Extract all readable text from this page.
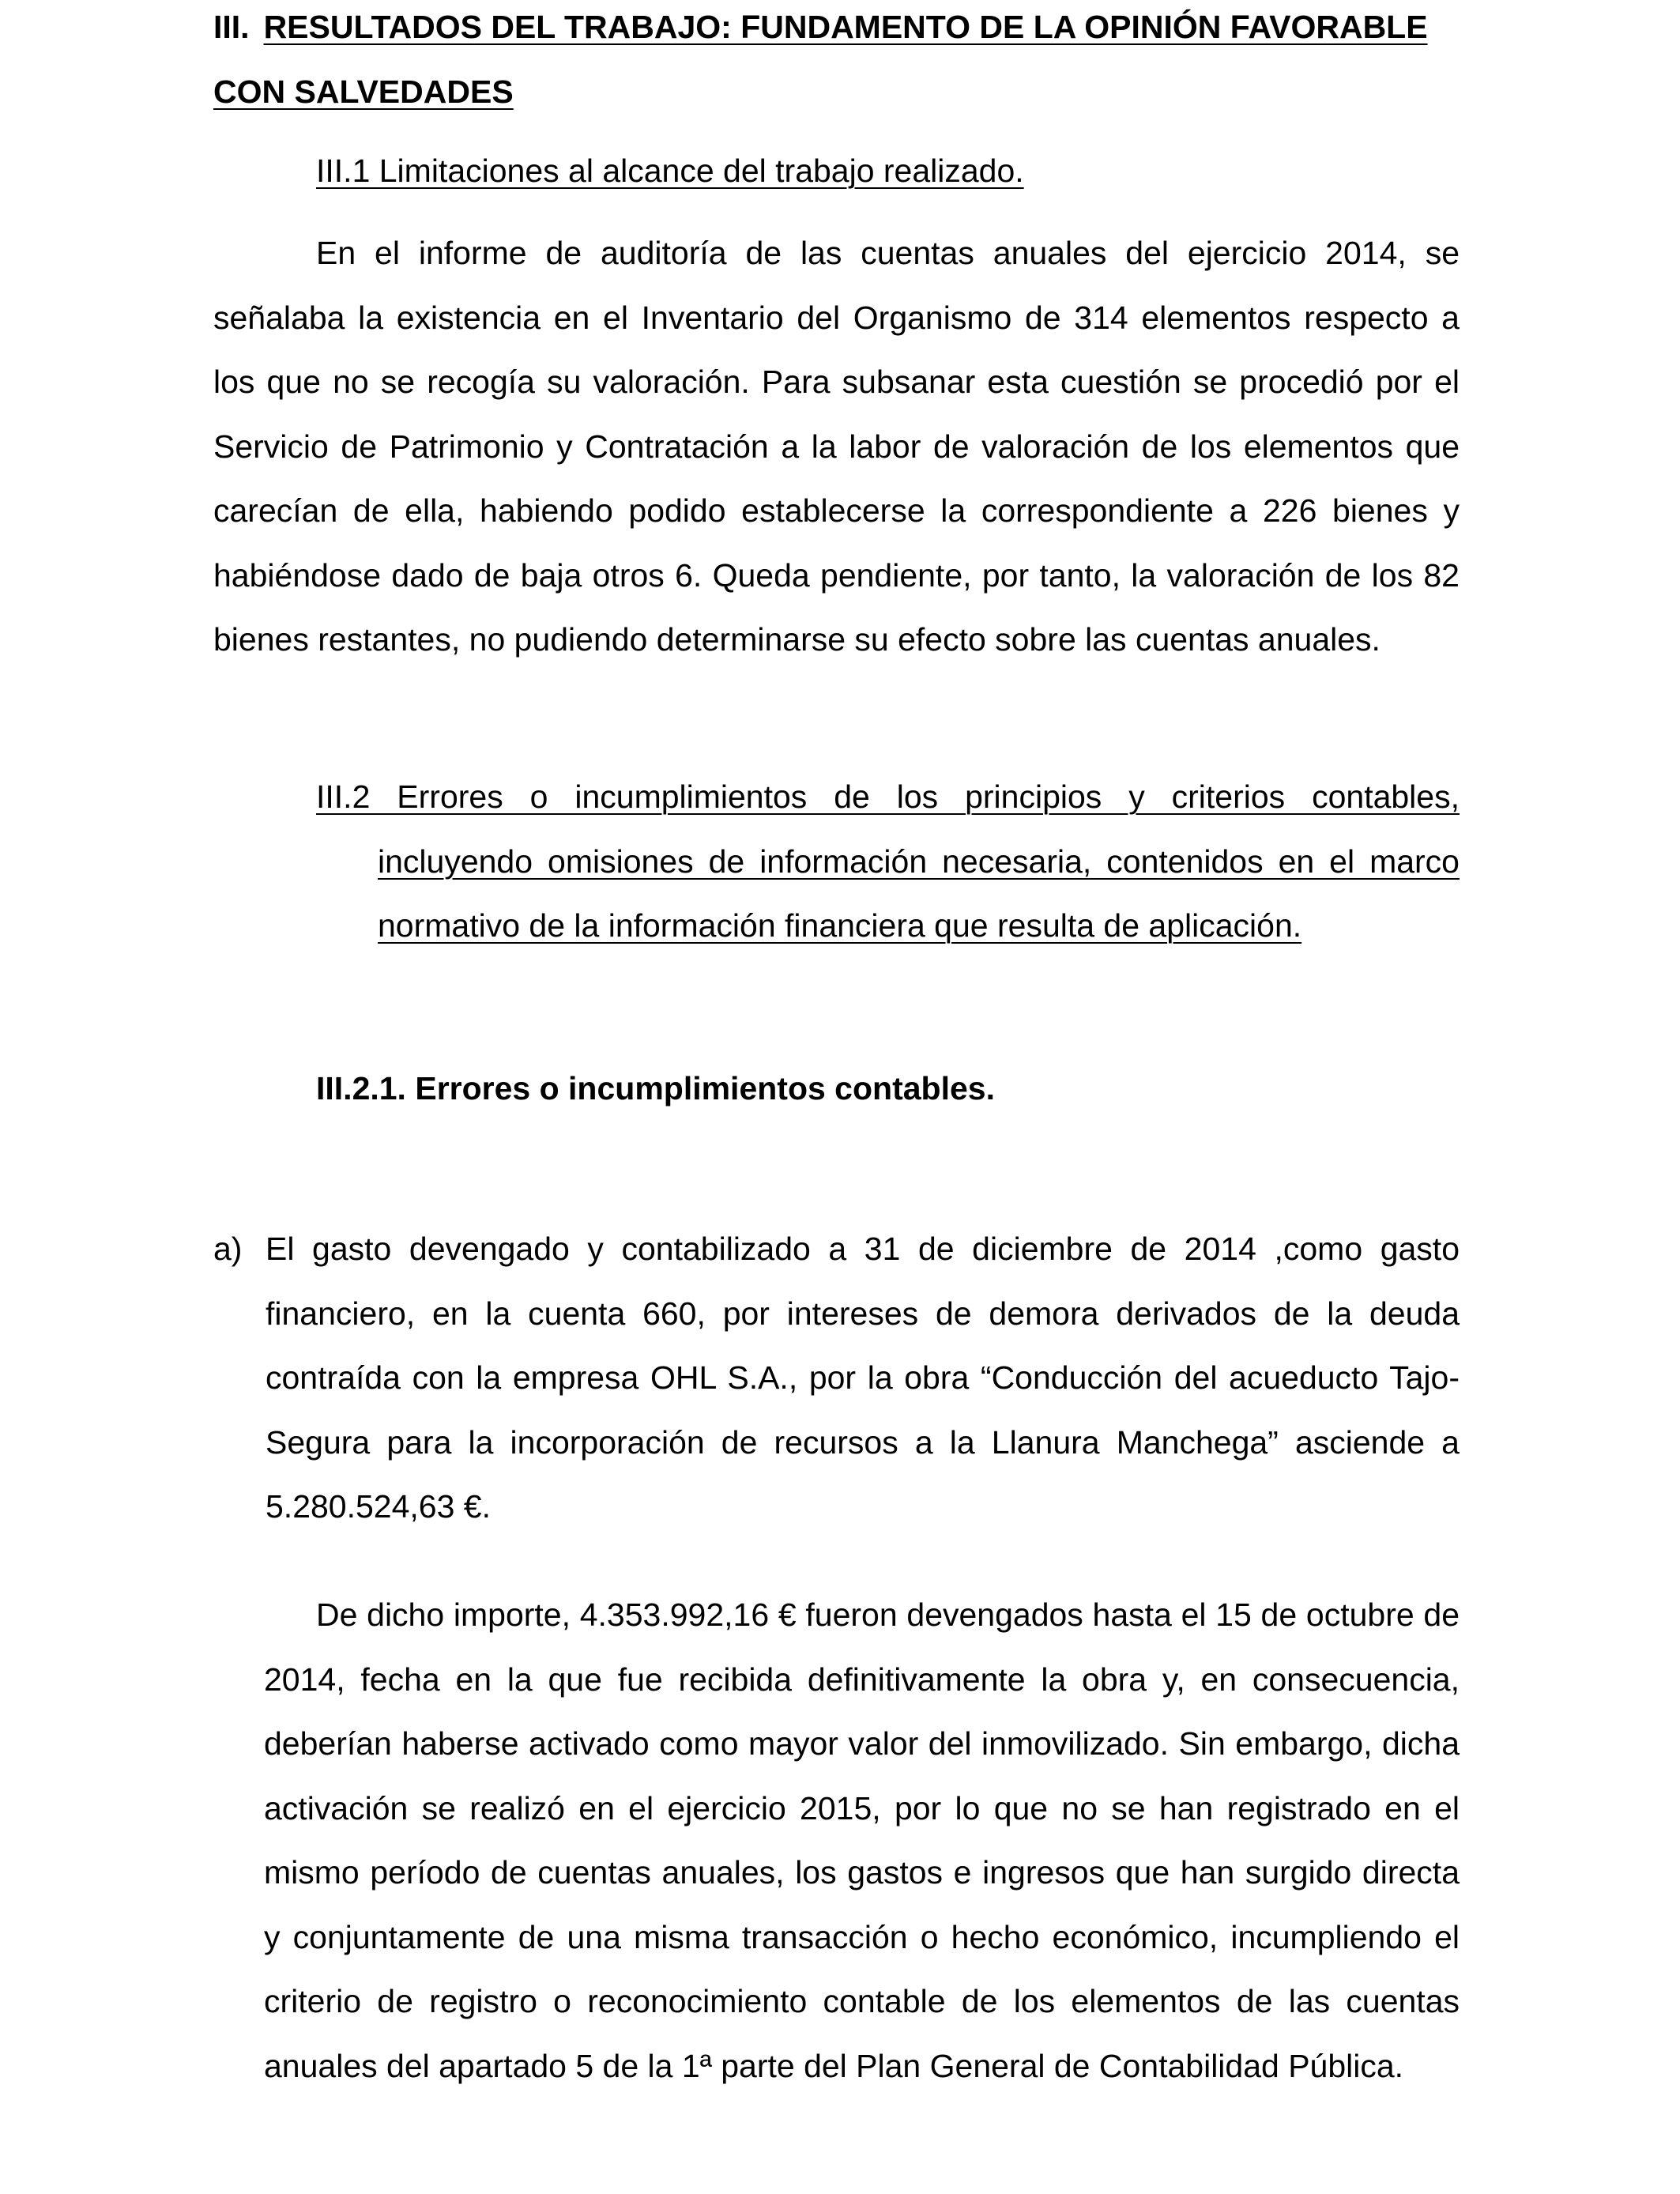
III. RESULTADOS DEL TRABAJO: FUNDAMENTO DE LA OPINIÓN FAVORABLE CON SALVEDADES

III.1 Limitaciones al alcance del trabajo realizado.

En el informe de auditoría de las cuentas anuales del ejercicio 2014, se señalaba la existencia en el Inventario del Organismo de 314 elementos respecto a los que no se recogía su valoración. Para subsanar esta cuestión se procedió por el Servicio de Patrimonio y Contratación a la labor de valoración de los elementos que carecían de ella, habiendo podido establecerse la correspondiente a 226 bienes y habiéndose dado de baja otros 6. Queda pendiente, por tanto, la valoración de los 82 bienes restantes, no pudiendo determinarse su efecto sobre las cuentas anuales.

III.2 Errores o incumplimientos de los principios y criterios contables, incluyendo omisiones de información necesaria, contenidos en el marco normativo de la información financiera que resulta de aplicación.

III.2.1. Errores o incumplimientos contables.

a) El gasto devengado y contabilizado a 31 de diciembre de 2014 ,como gasto financiero, en la cuenta 660, por intereses de demora derivados de la deuda contraída con la empresa OHL S.A., por la obra “Conducción del acueducto Tajo-Segura para la incorporación de recursos a la Llanura Manchega” asciende a 5.280.524,63 €.

De dicho importe, 4.353.992,16 € fueron devengados hasta el 15 de octubre de 2014, fecha en la que fue recibida definitivamente la obra y, en consecuencia, deberían haberse activado como mayor valor del inmovilizado. Sin embargo, dicha activación se realizó en el ejercicio 2015, por lo que no se han registrado en el mismo período de cuentas anuales, los gastos e ingresos que han surgido directa y conjuntamente de una misma transacción o hecho económico, incumpliendo el criterio de registro o reconocimiento contable de los elementos de las cuentas anuales del apartado 5 de la 1ª parte del Plan General de Contabilidad Pública.
